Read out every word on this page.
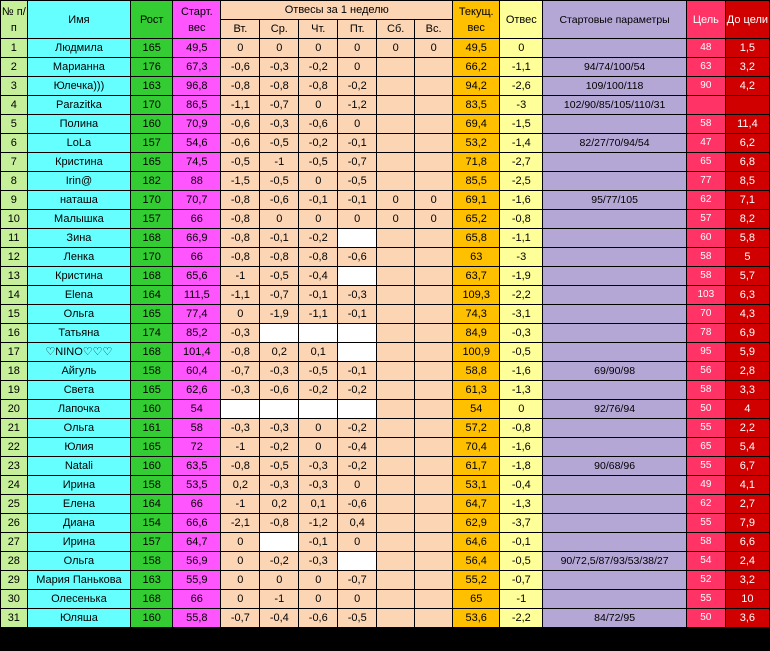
№ п/п	Имя	Рост	Старт. вес	Отвесы за 1 неделю						Текущ. вес	Отвес	Стартовые параметры	Цель	До цели
				Вт.	Ср.	Чт.	Пт.	Сб.	Вс.					
1	Людмила	165	49,5	0	0	0	0	0	0	49,5	0		48	1,5
2	Марианна	176	67,3	-0,6	-0,3	-0,2	0			66,2	-1,1	94/74/100/54	63	3,2
3	Юлечка)))	163	96,8	-0,8	-0,8	-0,8	-0,2			94,2	-2,6	109/100/118	90	4,2
4	Parazitka	170	86,5	-1,1	-0,7	0	-1,2			83,5	-3	102/90/85/105/110/31		
5	Полина	160	70,9	-0,6	-0,3	-0,6	0			69,4	-1,5		58	11,4
6	LoLa	157	54,6	-0,6	-0,5	-0,2	-0,1			53,2	-1,4	82/27/70/94/54	47	6,2
7	Кристина	165	74,5	-0,5	-1	-0,5	-0,7			71,8	-2,7		65	6,8
8	Irin@	182	88	-1,5	-0,5	0	-0,5			85,5	-2,5		77	8,5
9	наташа	170	70,7	-0,8	-0,6	-0,1	-0,1	0	0	69,1	-1,6	95/77/105	62	7,1
10	Малышка	157	66	-0,8	0	0	0	0	0	65,2	-0,8		57	8,2
11	Зина	168	66,9	-0,8	-0,1	-0,2				65,8	-1,1		60	5,8
12	Ленка	170	66	-0,8	-0,8	-0,8	-0,6			63	-3		58	5
13	Кристина	168	65,6	-1	-0,5	-0,4				63,7	-1,9		58	5,7
14	Elena	164	111,5	-1,1	-0,7	-0,1	-0,3			109,3	-2,2		103	6,3
15	Ольга	165	77,4	0	-1,9	-1,1	-0,1			74,3	-3,1		70	4,3
16	Татьяна	174	85,2	-0,3						84,9	-0,3		78	6,9
17	♡NINO♡♡♡	168	101,4	-0,8	0,2	0,1				100,9	-0,5		95	5,9
18	Айгуль	158	60,4	-0,7	-0,3	-0,5	-0,1			58,8	-1,6	69/90/98	56	2,8
19	Света	165	62,6	-0,3	-0,6	-0,2	-0,2			61,3	-1,3		58	3,3
20	Лапочка	160	54							54	0	92/76/94	50	4
21	Ольга	161	58	-0,3	-0,3	0	-0,2			57,2	-0,8		55	2,2
22	Юлия	165	72	-1	-0,2	0	-0,4			70,4	-1,6		65	5,4
23	Natali	160	63,5	-0,8	-0,5	-0,3	-0,2			61,7	-1,8	90/68/96	55	6,7
24	Ирина	158	53,5	0,2	-0,3	-0,3	0			53,1	-0,4		49	4,1
25	Елена	164	66	-1	0,2	0,1	-0,6			64,7	-1,3		62	2,7
26	Диана	154	66,6	-2,1	-0,8	-1,2	0,4			62,9	-3,7		55	7,9
27	Ирина	157	64,7	0		-0,1	0			64,6	-0,1		58	6,6
28	Ольга	158	56,9	0	-0,2	-0,3				56,4	-0,5	90/72,5/87/93/53/38/27	54	2,4
29	Мария Панькова	163	55,9	0	0	0	-0,7			55,2	-0,7		52	3,2
30	Олесенька	168	66	0	-1	0	0			65	-1		55	10
31	Юляша	160	55,8	-0,7	-0,4	-0,6	-0,5			53,6	-2,2	84/72/95	50	3,6
